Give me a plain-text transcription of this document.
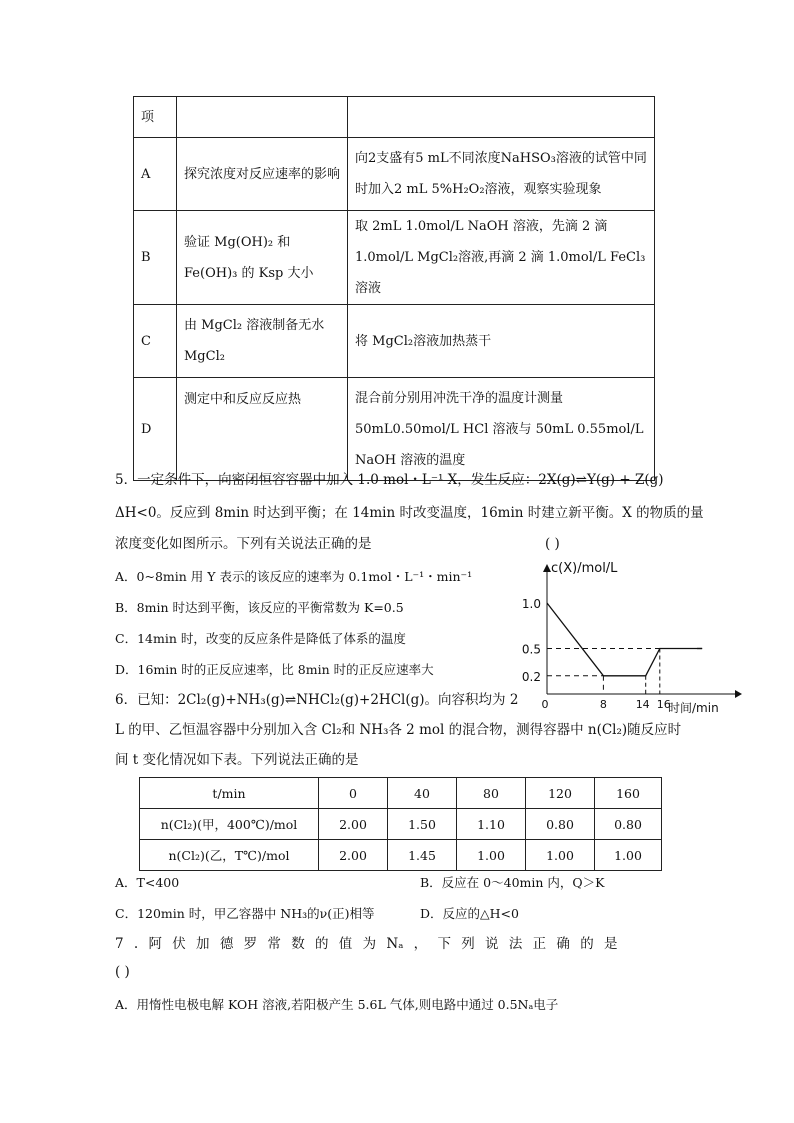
项		
A	探究浓度对反应速率的影响	向2支盛有5 mL不同浓度NaHSO₃溶液的试管中同时加入2 mL 5%H₂O₂溶液，观察实验现象
B	验证 Mg(OH)₂ 和 Fe(OH)₃ 的 Ksp 大小	取 2mL 1.0mol/L NaOH 溶液，先滴 2 滴 1.0mol/L MgCl₂溶液,再滴 2 滴 1.0mol/L FeCl₃溶液
C	由 MgCl₂ 溶液制备无水 MgCl₂	将 MgCl₂溶液加热蒸干
D	测定中和反应反应热	混合前分别用冲洗干净的温度计测量 50mL0.50mol/L HCl 溶液与 50mL 0.55mol/L NaOH 溶液的温度
5．一定条件下，向密闭恒容容器中加入 1.0 mol・L⁻¹ X，发生反应：2X(g)⇌Y(g) + Z(g)
ΔH<0。反应到 8min 时达到平衡；在 14min 时改变温度，16min 时建立新平衡。X 的物质的量
浓度变化如图所示。下列有关说法正确的是	( )
A．0~8min 用 Y 表示的该反应的速率为 0.1mol・L⁻¹・min⁻¹
B．8min 时达到平衡，该反应的平衡常数为 K=0.5
C．14min 时，改变的反应条件是降低了体系的温度
D．16min 时的正反应速率，比 8min 时的正反应速率大
c(X)/mol/L
时间/min
1.0
0.5
0.2
0	8	14 16
6．已知：2Cl₂(g)+NH₃(g)⇌NHCl₂(g)+2HCl(g)。向容积均为 2
L 的甲、乙恒温容器中分别加入含 Cl₂和 NH₃各 2 mol 的混合物，测得容器中 n(Cl₂)随反应时
间 t 变化情况如下表。下列说法正确的是
t/min	0	40	80	120	160
n(Cl₂)(甲，400℃)/mol	2.00	1.50	1.10	0.80	0.80
n(Cl₂)(乙，T℃)/mol	2.00	1.45	1.00	1.00	1.00
A．T<400	B．反应在 0～40min 内，Q＞K
C．120min 时，甲乙容器中 NH₃的ν(正)相等	D．反应的△H<0
7 . 阿 伏 加 德 罗 常 数 的 值 为 Nₐ ， 下 列 说 法 正 确 的 是
( )
A．用惰性电极电解 KOH 溶液,若阳极产生 5.6L 气体,则电路中通过 0.5Nₐ电子
